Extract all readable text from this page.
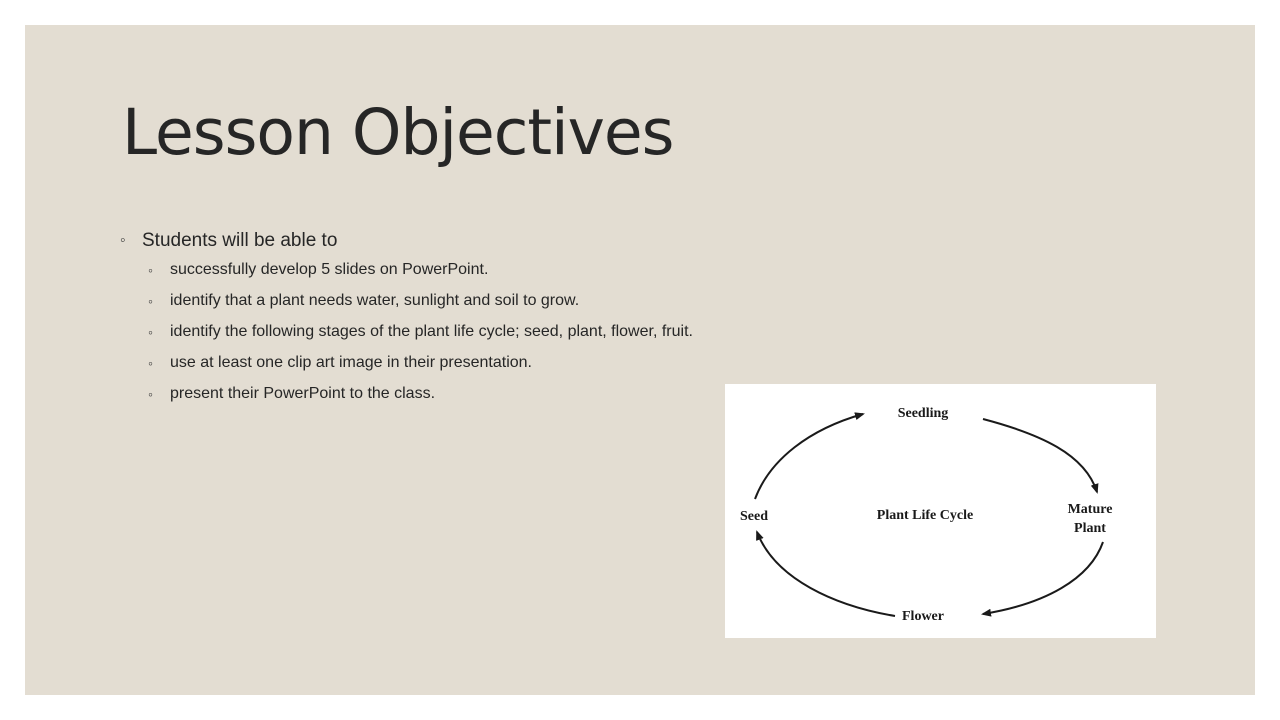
Lesson Objectives
◦ Students will be able to
◦ successfully develop 5 slides on PowerPoint.
◦ identify that a plant needs water, sunlight and soil to grow.
◦ identify the following stages of the plant life cycle; seed, plant, flower, fruit.
◦ use at least one clip art image in their presentation.
◦ present their PowerPoint to the class.
Seedling
Mature
Plant
Flower
Seed	Plant Life Cycle
